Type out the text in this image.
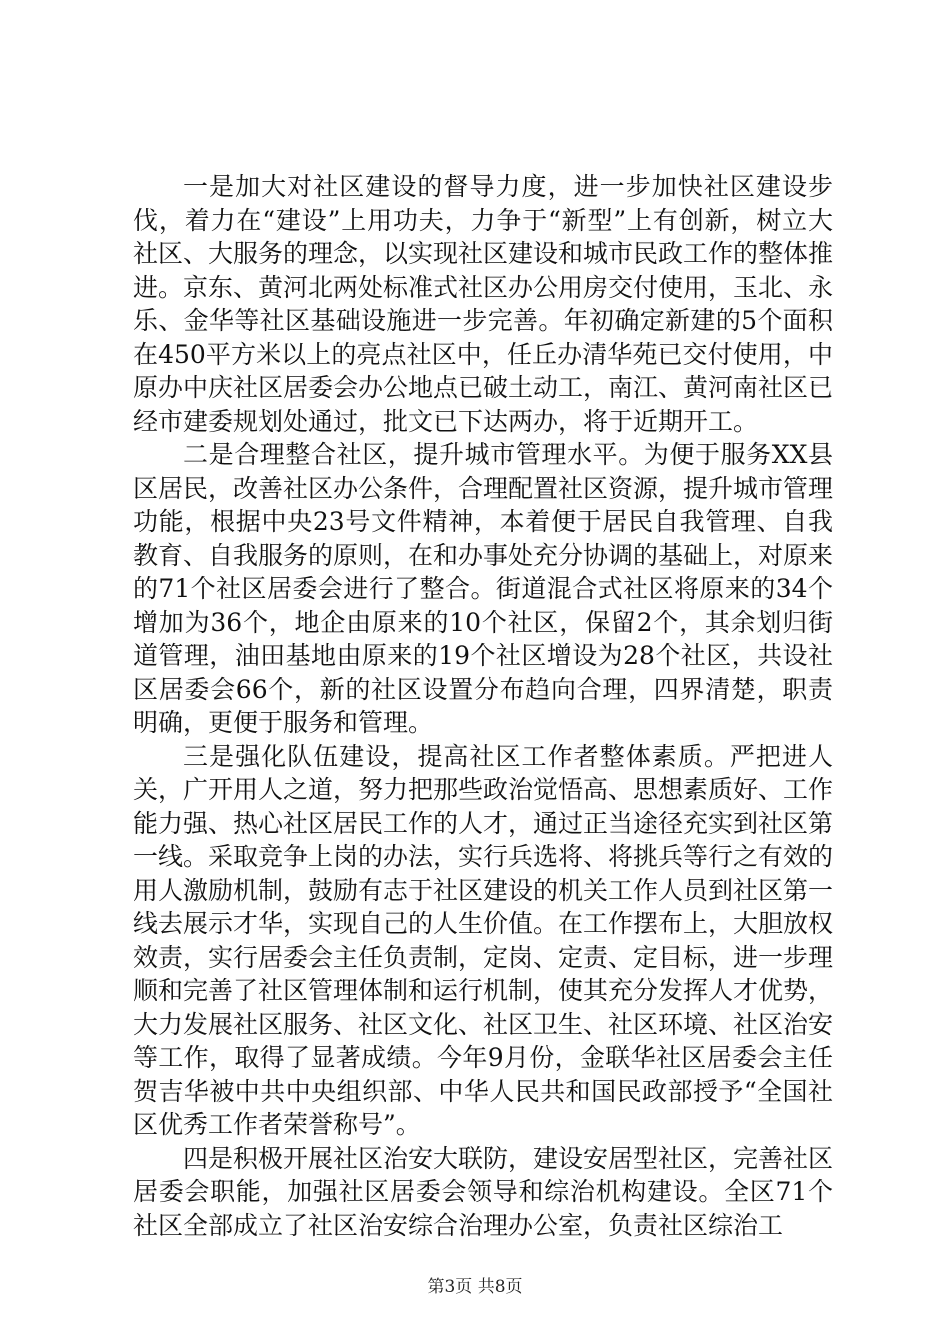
一是加大对社区建设的督导力度，进一步加快社区建设步伐，着力在“建设”上用功夫，力争于“新型”上有创新，树立大社区、大服务的理念，以实现社区建设和城市民政工作的整体推进。京东、黄河北两处标准式社区办公用房交付使用，玉北、永乐、金华等社区基础设施进一步完善。年初确定新建的5个面积在450平方米以上的亮点社区中，任丘办清华苑已交付使用，中原办中庆社区居委会办公地点已破土动工，南江、黄河南社区已经市建委规划处通过，批文已下达两办，将于近期开工。

二是合理整合社区，提升城市管理水平。为便于服务XX县区居民，改善社区办公条件，合理配置社区资源，提升城市管理功能，根据中央23号文件精神，本着便于居民自我管理、自我教育、自我服务的原则，在和办事处充分协调的基础上，对原来的71个社区居委会进行了整合。街道混合式社区将原来的34个增加为36个，地企由原来的10个社区，保留2个，其余划归街道管理，油田基地由原来的19个社区增设为28个社区，共设社区居委会66个，新的社区设置分布趋向合理，四界清楚，职责明确，更便于服务和管理。

三是强化队伍建设，提高社区工作者整体素质。严把进人关，广开用人之道，努力把那些政治觉悟高、思想素质好、工作能力强、热心社区居民工作的人才，通过正当途径充实到社区第一线。采取竞争上岗的办法，实行兵选将、将挑兵等行之有效的用人激励机制，鼓励有志于社区建设的机关工作人员到社区第一线去展示才华，实现自己的人生价值。在工作摆布上，大胆放权效责，实行居委会主任负责制，定岗、定责、定目标，进一步理顺和完善了社区管理体制和运行机制，使其充分发挥人才优势，大力发展社区服务、社区文化、社区卫生、社区环境、社区治安等工作，取得了显著成绩。今年9月份，金联华社区居委会主任贺吉华被中共中央组织部、中华人民共和国民政部授予“全国社区优秀工作者荣誉称号”。

四是积极开展社区治安大联防，建设安居型社区，完善社区居委会职能，加强社区居委会领导和综治机构建设。全区71个社区全部成立了社区治安综合治理办公室，负责社区综治工

第3页 共8页
